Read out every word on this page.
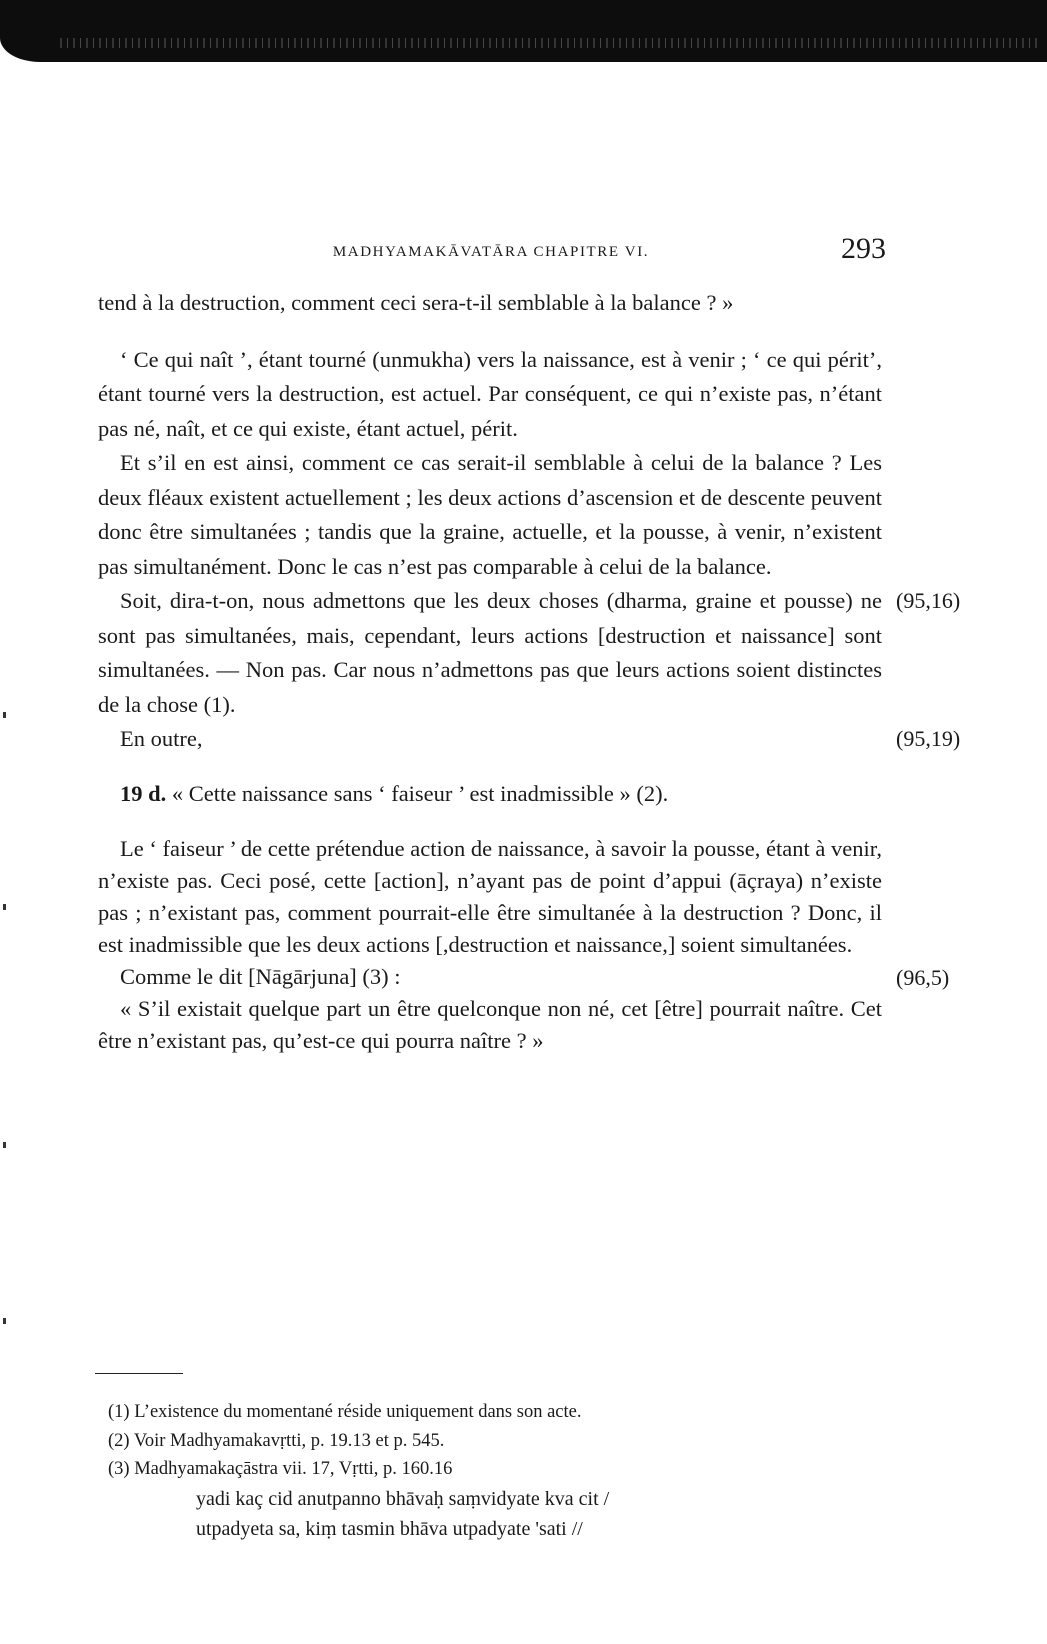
MADHYAMAKĀVATĀRA CHAPITRE VI.	293

tend à la destruction, comment ceci sera-t-il semblable à la balance ? »

‘ Ce qui naît ’, étant tourné (unmukha) vers la naissance, est à venir ; ‘ ce qui périt’, étant tourné vers la destruction, est actuel. Par conséquent, ce qui n’existe pas, n’étant pas né, naît, et ce qui existe, étant actuel, périt.

Et s’il en est ainsi, comment ce cas serait-il semblable à celui de la balance ? Les deux fléaux existent actuellement ; les deux actions d’ascension et de descente peuvent donc être simultanées ; tandis que la graine, actuelle, et la pousse, à venir, n’existent pas simultanément. Donc le cas n’est pas comparable à celui de la balance.

(95,16)

Soit, dira-t-on, nous admettons que les deux choses (dharma, graine et pousse) ne sont pas simultanées, mais, cependant, leurs actions [destruction et naissance] sont simultanées. — Non pas. Car nous n’admettons pas que leurs actions soient distinctes de la chose (1).

(95,19)

En outre,

19 d. « Cette naissance sans ‘ faiseur ’ est inadmissible » (2).

Le ‘ faiseur ’ de cette prétendue action de naissance, à savoir la pousse, étant à venir, n’existe pas. Ceci posé, cette [action], n’ayant pas de point d’appui (āçraya) n’existe pas ; n’existant pas, comment pourrait-elle être simultanée à la destruction ? Donc, il est inadmissible que les deux actions [,destruction et naissance,] soient simultanées.

(96,5)

Comme le dit [Nāgārjuna] (3) :

« S’il existait quelque part un être quelconque non né, cet [être] pourrait naître. Cet être n’existant pas, qu’est-ce qui pourra naître ? »

(1) L’existence du momentané réside uniquement dans son acte.

(2) Voir Madhyamakavṛtti, p. 19.13 et p. 545.

(3) Madhyamakaçāstra vii. 17, Vṛtti, p. 160.16

yadi kaç cid anutpanno bhāvaḥ saṃvidyate kva cit /

utpadyeta sa, kiṃ tasmin bhāva utpadyate 'sati //
